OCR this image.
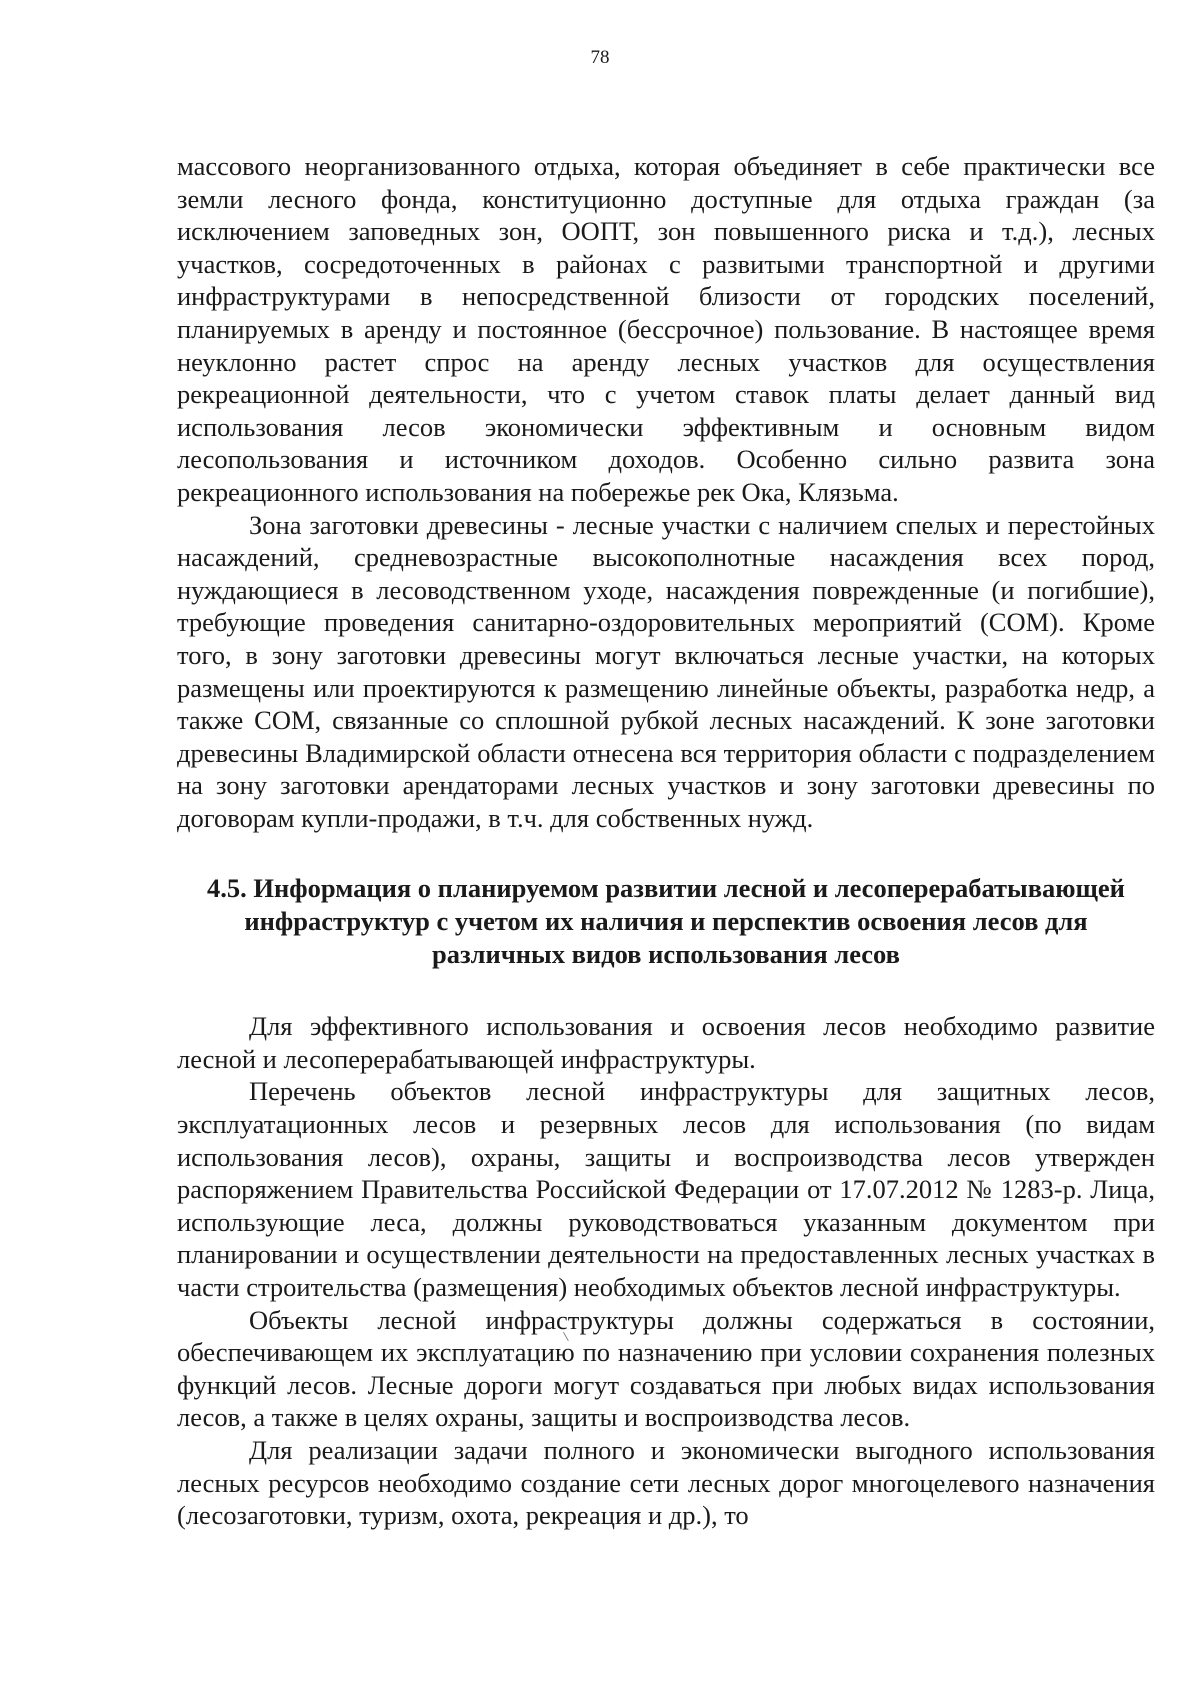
78

массового неорганизованного отдыха, которая объединяет в себе практически все земли лесного фонда, конституционно доступные для отдыха граждан (за исключением заповедных зон, ООПТ, зон повышенного риска и т.д.), лесных участков, сосредоточенных в районах с развитыми транспортной и другими инфраструктурами в непосредственной близости от городских поселений, планируемых в аренду и постоянное (бессрочное) пользование. В настоящее время неуклонно растет спрос на аренду лесных участков для осуществления рекреационной деятельности, что с учетом ставок платы делает данный вид использования лесов экономически эффективным и основным видом лесопользования и источником доходов. Особенно сильно развита зона рекреационного использования на побережье рек Ока, Клязьма.

Зона заготовки древесины - лесные участки с наличием спелых и перестойных насаждений, средневозрастные высокополнотные насаждения всех пород, нуждающиеся в лесоводственном уходе, насаждения поврежденные (и погибшие), требующие проведения санитарно-оздоровительных мероприятий (СОМ). Кроме того, в зону заготовки древесины могут включаться лесные участки, на которых размещены или проектируются к размещению линейные объекты, разработка недр, а также СОМ, связанные со сплошной рубкой лесных насаждений. К зоне заготовки древесины Владимирской области отнесена вся территория области с подразделением на зону заготовки арендаторами лесных участков и зону заготовки древесины по договорам купли-продажи, в т.ч. для собственных нужд.

4.5. Информация о планируемом развитии лесной и лесоперерабатывающей инфраструктур с учетом их наличия и перспектив освоения лесов для различных видов использования лесов

Для эффективного использования и освоения лесов необходимо развитие лесной и лесоперерабатывающей инфраструктуры.

Перечень объектов лесной инфраструктуры для защитных лесов, эксплуатационных лесов и резервных лесов для использования (по видам использования лесов), охраны, защиты и воспроизводства лесов утвержден распоряжением Правительства Российской Федерации от 17.07.2012 № 1283-р. Лица, использующие леса, должны руководствоваться указанным документом при планировании и осуществлении деятельности на предоставленных лесных участках в части строительства (размещения) необходимых объектов лесной инфраструктуры.

Объекты лесной инфраструктуры должны содержаться в состоянии, обеспечивающем их эксплуатацию по назначению при условии сохранения полезных функций лесов. Лесные дороги могут создаваться при любых видах использования лесов, а также в целях охраны, защиты и воспроизводства лесов.

Для реализации задачи полного и экономически выгодного использования лесных ресурсов необходимо создание сети лесных дорог многоцелевого назначения (лесозаготовки, туризм, охота, рекреация и др.), то
